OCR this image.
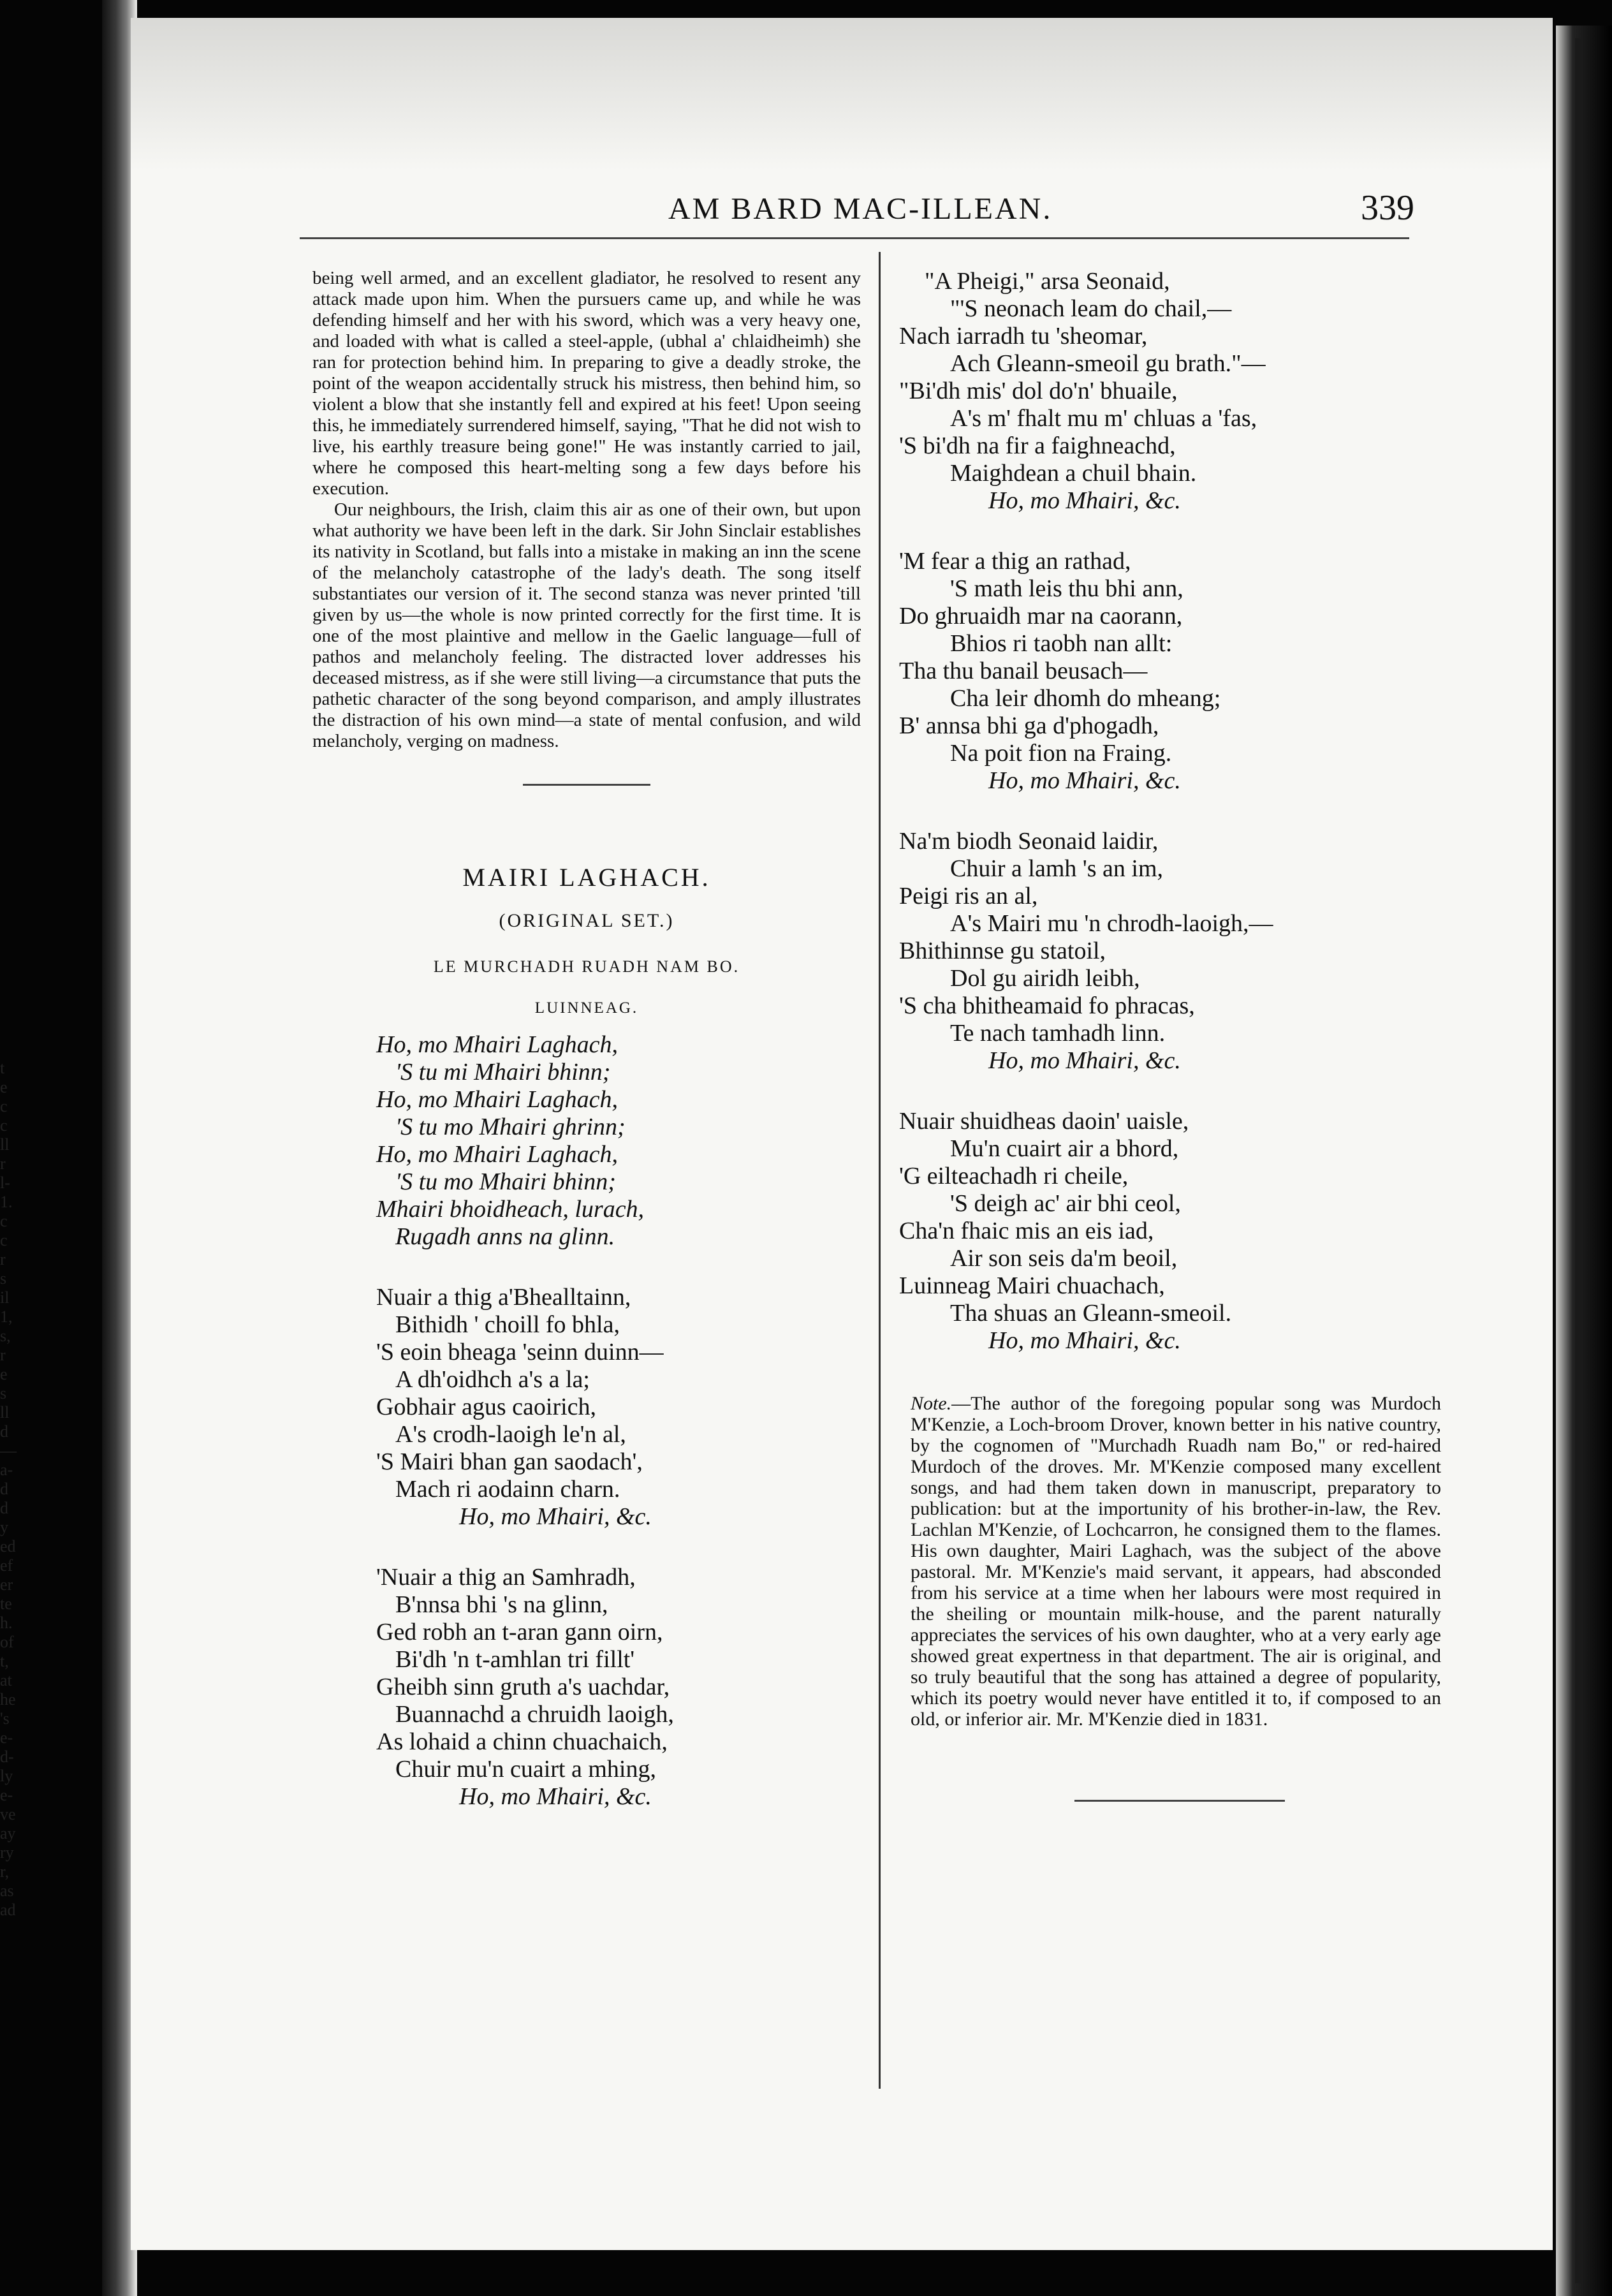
t
e
c
c
ll
r
l-
1.
c
c
r
s
il
1,
s,
r
e
s
ll
d
—
a-
d
d
y
ed
ef
er
te
h.
of
t,
at
he
's
e-
d-
ly
e-
ve
ay
ry
r,
as
ad
AM BARD MAC-ILLEAN.	339

being well armed, and an excellent gladiator, he resolved to resent any attack made upon him. When the pursuers came up, and while he was defending himself and her with his sword, which was a very heavy one, and loaded with what is called a steel-apple, (ubhal a' chlaidheimh) she ran for protection behind him. In preparing to give a deadly stroke, the point of the weapon accidentally struck his mistress, then behind him, so violent a blow that she instantly fell and expired at his feet! Upon seeing this, he immediately surrendered himself, saying, "That he did not wish to live, his earthly treasure being gone!" He was instantly carried to jail, where he composed this heart-melting song a few days before his execution.

Our neighbours, the Irish, claim this air as one of their own, but upon what authority we have been left in the dark. Sir John Sinclair establishes its nativity in Scotland, but falls into a mistake in making an inn the scene of the melancholy catastrophe of the lady's death. The song itself substantiates our version of it. The second stanza was never printed 'till given by us—the whole is now printed correctly for the first time. It is one of the most plaintive and mellow in the Gaelic language—full of pathos and melancholy feeling. The distracted lover addresses his deceased mistress, as if she were still living—a circumstance that puts the pathetic character of the song beyond comparison, and amply illustrates the distraction of his own mind—a state of mental confusion, and wild melancholy, verging on madness.

MAIRI LAGHACH.
(ORIGINAL SET.)
LE MURCHADH RUADH NAM BO.
LUINNEAG.
Ho, mo Mhairi Laghach,
'S tu mi Mhairi bhinn;
Ho, mo Mhairi Laghach,
'S tu mo Mhairi ghrinn;
Ho, mo Mhairi Laghach,
'S tu mo Mhairi bhinn;
Mhairi bhoidheach, lurach,
Rugadh anns na glinn.
Nuair a thig a'Bhealltainn,
Bithidh ' choill fo bhla,
'S eoin bheaga 'seinn duinn—
A dh'oidhch a's a la;
Gobhair agus caoirich,
A's crodh-laoigh le'n al,
'S Mairi bhan gan saodach',
Mach ri aodainn charn.
Ho, mo Mhairi, &c.
'Nuair a thig an Samhradh,
B'nnsa bhi 's na glinn,
Ged robh an t-aran gann oirn,
Bi'dh 'n t-amhlan tri fillt'
Gheibh sinn gruth a's uachdar,
Buannachd a chruidh laoigh,
As lohaid a chinn chuachaich,
Chuir mu'n cuairt a mhing,
Ho, mo Mhairi, &c.
"A Pheigi," arsa Seonaid,
"'S neonach leam do chail,—
Nach iarradh tu 'sheomar,
Ach Gleann-smeoil gu brath."—
"Bi'dh mis' dol do'n' bhuaile,
A's m' fhalt mu m' chluas a 'fas,
'S bi'dh na fir a faighneachd,
Maighdean a chuil bhain.
Ho, mo Mhairi, &c.
'M fear a thig an rathad,
'S math leis thu bhi ann,
Do ghruaidh mar na caorann,
Bhios ri taobh nan allt:
Tha thu banail beusach—
Cha leir dhomh do mheang;
B' annsa bhi ga d'phogadh,
Na poit fion na Fraing.
Ho, mo Mhairi, &c.
Na'm biodh Seonaid laidir,
Chuir a lamh 's an im,
Peigi ris an al,
A's Mairi mu 'n chrodh-laoigh,—
Bhithinnse gu statoil,
Dol gu airidh leibh,
'S cha bhitheamaid fo phracas,
Te nach tamhadh linn.
Ho, mo Mhairi, &c.
Nuair shuidheas daoin' uaisle,
Mu'n cuairt air a bhord,
'G eilteachadh ri cheile,
'S deigh ac' air bhi ceol,
Cha'n fhaic mis an eis iad,
Air son seis da'm beoil,
Luinneag Mairi chuachach,
Tha shuas an Gleann-smeoil.
Ho, mo Mhairi, &c.
Note.—The author of the foregoing popular song was Murdoch M'Kenzie, a Loch-broom Drover, known better in his native country, by the cognomen of "Murchadh Ruadh nam Bo," or red-haired Murdoch of the droves. Mr. M'Kenzie composed many excellent songs, and had them taken down in manuscript, preparatory to publication: but at the importunity of his brother-in-law, the Rev. Lachlan M'Kenzie, of Lochcarron, he consigned them to the flames. His own daughter, Mairi Laghach, was the subject of the above pastoral. Mr. M'Kenzie's maid servant, it appears, had absconded from his service at a time when her labours were most required in the sheiling or mountain milk-house, and the parent naturally appreciates the services of his own daughter, who at a very early age showed great expertness in that department. The air is original, and so truly beautiful that the song has attained a degree of popularity, which its poetry would never have entitled it to, if composed to an old, or inferior air. Mr. M'Kenzie died in 1831.
